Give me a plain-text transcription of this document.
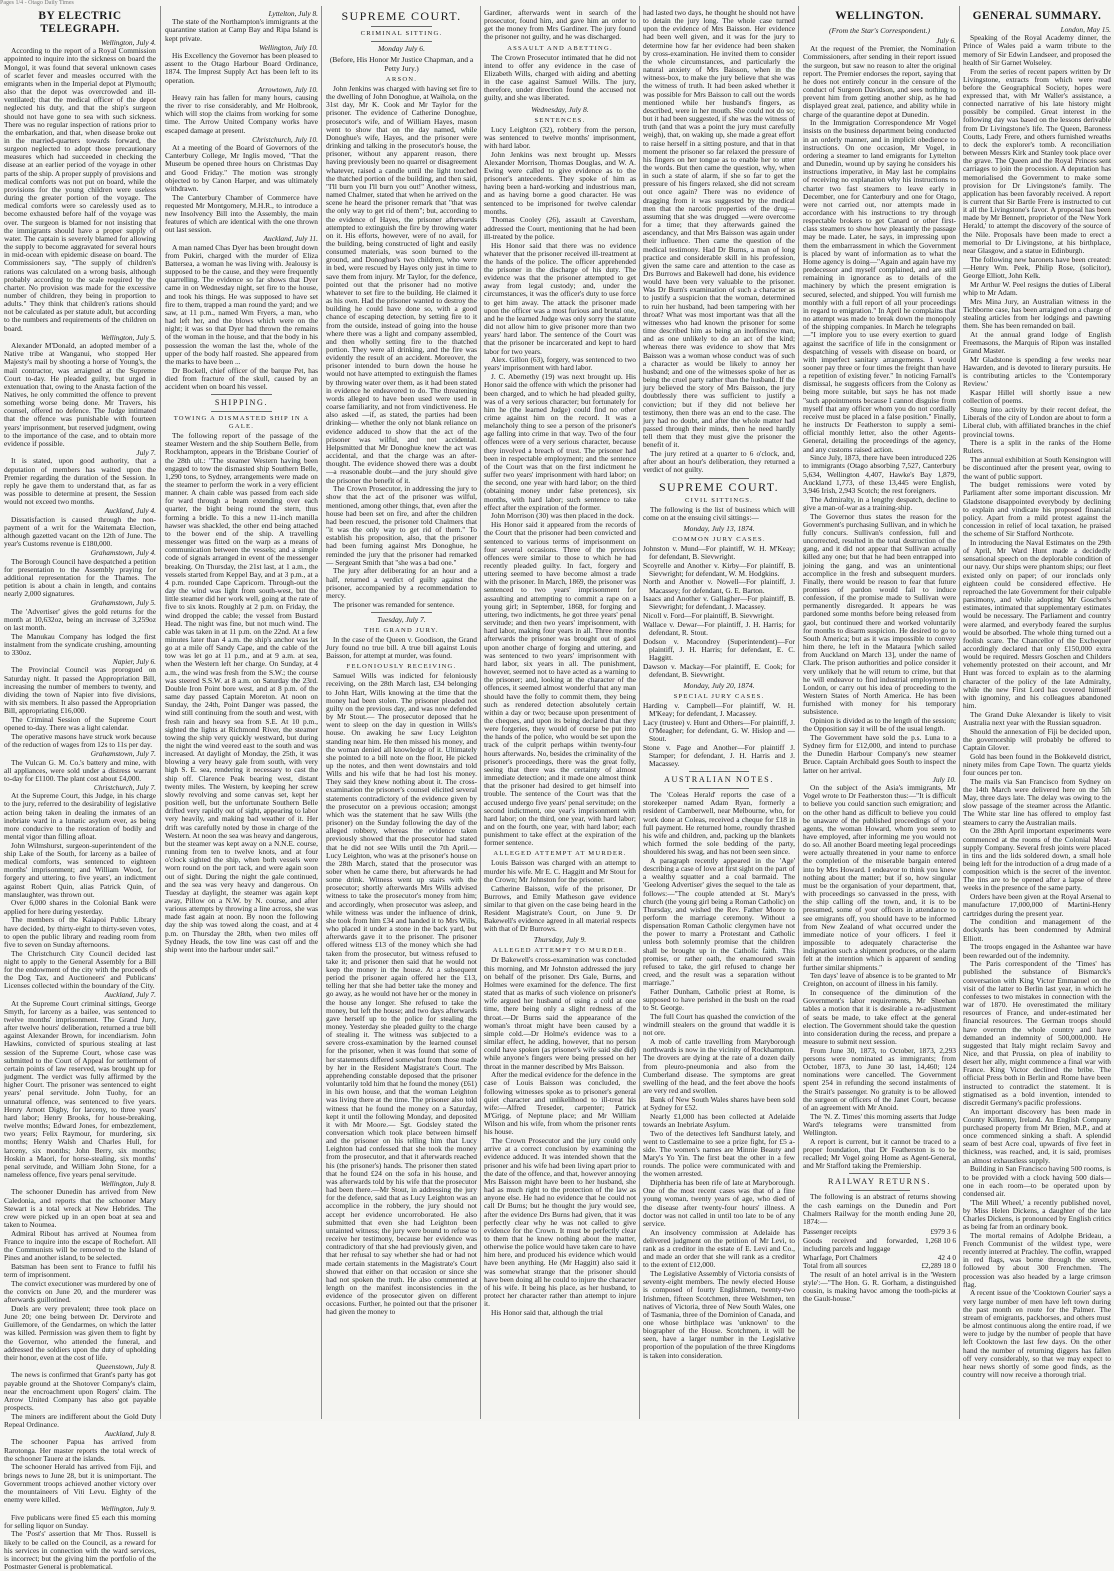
Pages 1/4 - Otago Daily Times
BY ELECTRIC TELEGRAPH.
Wellington, July 4.

According to the report of a Royal Commission appointed to inquire into the sickness on board the Mongol, it was found that several unknown cases of scarlet fever and measles occurred with the emigrants when in the Imperial depot at Plymouth; also that the depot was overcrowded and ill-ventilated; that the medical officer of the depot neglected his duty, and that the ship's surgeon should not have gone to sea with such sickness. There was no regular inspection of rations prior to the embarkation, and that, when disease broke out in the married-quarters towards forward, the surgeon neglected to adopt those precautionary measures which had succeeded in checking the disease at an earlier period of the voyage in other parts of the ship. A proper supply of provisions and medical comforts was not put on board, while the provisions for the young children were useless during the greater portion of the voyage. The medical comforts were so carelessly used as to become exhausted before half of the voyage was over. The surgeon is blamed for not insisting that the immigrants should have a proper supply of water. The captain is severely blamed for allowing the supply to become aggravated for several hours in mid-ocean with epidemic disease on board. The Commissioners say, "The supply of children's rations was calculated on a wrong basis, although probably according to the scale required by the charter. No provision was made for the excessive number of children, they being in proportion to adults." They think that children's rations should not be calculated as per statute adult, but according to the numbers and requirements of the children on board.

Wellington, July 5.

Alexander M'Donald, an adopted member of a Native tribe at Wanganui, who stopped Her Majesty's mail by shooting a horse of Young's, the mail contractor, was arraigned at the Supreme Court to-day. He pleaded guilty, but urged in extenuation that, owing to the Anasta faction of the Natives, he only committed the offence to prevent something worse being done. Mr Travers, his counsel, offered no defence. The Judge intimated that the offence was punishable with fourteen years' imprisonment, but reserved judgment, owing to the importance of the case, and to obtain more evidence if possible.

July 7.

It is stated, upon good authority, that a deputation of members has waited upon the Premier regarding the duration of the Session. In reply he gave them to understand that, as far as was possible to determine at present, the Session would not exceed two months.

Auckland, July 4.

Dissatisfaction is caused through the non-payment of a writ for the Waitemata Election, although gazetted vacant on the 12th of June. The year's Customs revenue is £180,000.

Grahamstown, July 4.

The Borough Council have despatched a petition for presentation to the Assembly praying for additional representation for the Thames. The petition is about a chain in length, and contains nearly 2,000 signatures.

Grahamstown, July 5.

The 'Advertiser' gives the gold returns for the month at 10,632oz, being an increase of 3,259oz on last month.

The Manukau Company has lodged the first instalment from the syndicate crushing, amounting to 330oz.

Napier, July 6.

The Provincial Council was prorogued on Saturday night. It passed the Appropriation Bill, increasing the number of members to twenty, and dividing the town of Napier into five divisions, with six members. It also passed the Appropriation Bill, appropriating £16,000.

The Criminal Session of the Supreme Court opened to-day. There was a light calendar.

The operative masons have struck work because of the reduction of wages from 12s to 11s per day.

Grahamstown, July 7.

The Vulcan G. M. Co.'s battery and mine, with all appliances, were sold under a distress warrant to-day for £1100. The plant cost about £4,000.

Christchurch, July 7.

At the Supreme Court, this Judge, in his charge to the jury, referred to the desirability of legislative action being taken in dealing the inmates of an inebriate ward in a lunatic asylum ever, as being more conducive to the restoration of bodily and mental vigor than filling afloat.

John Wilmshurst, surgeon-superintendent of the ship Lake of the South, for larceny as a bailee of medical comforts, was sentenced to eighteen months' imprisonment; and William Wood, for forgery and uttering, to five years', an indictment against Robert Quin, alias Patrick Quin, of manslaughter, was thrown out.

Over 6,000 shares in the Colonial Bank were applied for here during yesterday.

The members of the Kaiapoi Public Library have decided, by thirty-eight to thirty-seven votes, to open the public library and reading room from five to seven on Sunday afternoons.

The Christchurch City Council decided last night to apply to the General Assembly for a Bill for the endowment of the city with the proceeds of the Dog Tax, and Auctioneers' and Publicans' Licenses collected within the boundary of the City.

Auckland, July 7.

At the Supreme Court criminal sittings, George Smyth, for larceny as a bailee, was sentenced to twelve months' imprisonment. The Grand Jury, after twelve hours' deliberation, returned a true bill against Alexander Brown, for incendiarism. John Hawkins, convicted of spurious stealing at last session of the Supreme Court, whose case was submitted to the Court of Appeal for settlement of certain points of law reserved, was brought up for judgment. The verdict was fully affirmed by the higher Court. The prisoner was sentenced to eight years' penal servitude. John Tuohy, for an unnatural offence, was sentenced to five years. Henry Arnott Digby, for larceny, to three years' hard labor; Henry Brooks, for house-breaking, twelve months; Edward Jones, for embezzlement, two years; Felix Raymour, for murdering, six months; Henry Walsh and Charles Hull, for larceny, six months; John Berry, six months; Hoskin a Maori, for horse-stealing, six months' penal servitude, and William John Stone, for a nameless offence, five years penal servitude.

Wellington, July 8.

The schooner Dunedin has arrived from New Caledonia, and reports that the schooner Mary Stewart is a total wreck at New Hebrides. The crew were picked up in an open boat at sea and taken to Noumea.

Admiral Ribout has arrived at Noumea from France to inquire into the escape of Rochefort. All the Communists will be removed to the Island of Pines and another island, to be selected.

Batsman has been sent to France to fulfil his term of imprisonment.

The convict executioner was murdered by one of the convicts on June 20, and the murderer was afterwards guillotined.

Duels are very prevalent; three took place on June 20; one being between Dr. Dervirote and Guillemore, of the Gendarmes, on which the latter was killed. Permission was given them to fight by the Governor, who attended the funeral, and addressed the soldiers upon the duty of upholding their honor, even at the cost of life.

Queenstown, July 8.

The news is confirmed that Grant's party has got payable ground at the Shotover Company's claim, near the encroachment upon Rogers' claim. The Arrow United Company has also got payable prospects.

The miners are indifferent about the Gold Duty Repeal Ordinance.

Auckland, July 8.

The schooner Papua has arrived from Rarotonga. Her master reports the total wreck of the schooner Tauere at the islands.

The schooner Herald has arrived from Fiji, and brings news to June 28, but it is unimportant. The Government troops achieved another victory over the mountaineers of Viti Levu. Eighty of the enemy were killed.

Wellington, July 9.

Five publicans were fined £5 each this morning for selling liquor on Sunday.

The 'Post's' assertion that Mr Thos. Russell is likely to be called on the Council, as a reward for his services in connection with the ward services, is incorrect; but the giving him the portfolio of the Postmaster General is problematical.

Lyttelton, July 8.

The state of the Northampton's immigrants at the quarantine station at Camp Bay and Ripa Island is kept private.

Wellington, July 10.

His Excellency the Governor has been pleased to assent to the Otago Harbour Board Ordinance, 1874. The Imprest Supply Act has been left to its operation.

Arrowtown, July 10.

Heavy rain has fallen for many hours, causing the river to rise considerably, and Mr Holbrook, which will stop the claims from working for some time. The Arrow United Company works have escaped damage at present.

Christchurch, July 10.

At a meeting of the Board of Governors of the Canterbury College, Mr Inglis moved, "That the Museum be opened three hours on Christmas Day and Good Friday." The motion was strongly objected to by Canon Harper, and was ultimately withdrawn.

The Canterbury Chamber of Commerce have requested Mr Montgomery, M.H.R., to introduce a new Insolvency Bill into the Assembly, the main features of which are identical with the one thrown out last session.

Auckland, July 11.

A man named Chas Dyer has been brought down from Pukiri, charged with the murder of Eliza Battersea, a woman he was living with. Jealousy is supposed to be the cause, and they were frequently quarrelling. The evidence so far shows that Dyer came in on Wednesday night, set fire to the house, and took his things. He was supposed to have set fire to them, trapped a man round the yard; and we saw, at 11 p.m., named Wm Fryers, a man, who had left her, and the blows which were on the night; it was so that Dyer had thrown the remains of the woman in the house, and that the body in his possession the woman the last the, whole of the upper of the body half roasted. She appeared from the marks to have been ...

Dr Bockell, chief officer of the barque Pet, has died from fracture of the skull, caused by an accident when on board his vessel.

SHIPPING.
TOWING A DISMASTED SHIP IN A GALE.

The following report of the passage of the steamer Western and the ship Southern Belle, from Rockhampton, appears in the 'Brisbane Courier' of the 28th ult.: "The steamer Western having been engaged to tow the dismasted ship Southern Belle, 1,290 tons, to Sydney, arrangements were made on the steamer to perform the work in a very efficient manner. A chain cable was passed from each side for ward through a beam extending over each quarter, the bight being round the stern, thus forming a bridle. To this a new 11-inch manilla hawser was shackled, the other end being attached to the bower end of the ship. A travelling messenger was fitted on the warp as a means of communication between the vessels; and a simple code of signals arranged in event of the messenger breaking. On Thursday, the 21st last, at 1 a.m., the vessels started from Keppel Bay, and at 3 p.m., at a 4 p.m. rounded Cape Capricorn. Through-out the day the wind was light from south-west, but the little steamer did her work well, going at the rate of five to six knots. Roughly at 2 p.m. on Friday, the wind dropped the cable; the vessel from Bustard Head. The night was fine, but not much wind. The cable was taken in at 11 p.m. on the 22nd. At a few minutes later than 4 a.m. the ship's anchor was let go at a mile off Sandy Cape, and the cable of the tow was let go at 11 p.m., and at 9 a.m. at sea, when the Western left her charge. On Sunday, at 4 a.m., the wind was fresh from the S.W.; the course was steered S.S.W. at 8 a.m. on Saturday the 23rd. Double Iron Point bore west, and at 8 p.m. of the same day passed Captain Moreton. At noon on Sunday, the 24th, Point Danger was passed, the wind still continuing from the south and west, with fresh rain and heavy sea from S.E. At 10 p.m., sighted the lights at Richmond River, the steamer towing the ship very quickly westward, but during the night the wind veered east to the south and was increased. At daylight of Monday, the 25th, it was blowing a very heavy gale from south, with very high S. E. sea, rendering it necessary to cast the ship off. Clarence Peak bearing west, distant twenty miles. The Western, by keeping her screw slowly revolving and some canvas set, kept her position well, but the unfortunate Southern Belle drifted very rapidly out of sight, appearing to labor very heavily, and making bad weather of it. Her drift was carefully noted by those in charge of the Western. At noon the sea was heavy and dangerous, but the steamer was kept away on a N.N.E. course, running from ten to twelve knots, and at four o'clock sighted the ship, when both vessels were worn round on the port tack, and were again soon out of sight. During the night the gale continued, and the sea was very heavy and dangerous. On Tuesday at daylight, the steamer was again kept away, Pillow on a N.W. by N. course, and after various attempts by throwing a line across, she was made fast again at noon. By noon the following day the ship was towed along the coast, and at 4 p.m. on Thursday the 28th, when two miles off Sydney Heads, the tow line was cast off and the ship went into the harbour under sail."

SUPREME COURT.
CRIMINAL SITTING.
Monday July 6.
(Before, His Honor Mr Justice Chapman, and a Petty Jury.)
ARSON.

John Jenkins was charged with having set fire to the dwelling of John Donoghue, at Waihola, on the 31st day, Mr K. Cook and Mr Taylor for the prisoner. The evidence of Catherine Donoghue, prosecutor's wife, and of William Hayes, mason went to show that on the day named, while Donoghue's wife, Hayes, and the prisoner were drinking and talking in the prosecutor's house, the prisoner, without any apparent reason, there having previously been no quarrel or disagreement whatever, raised a candle until the light touched the thatched portion of the building, and then said, "I'll burn you I'll burn you out!" Another witness, named Chalmer, stated that when he arrived on the scene he heard the prisoner remark that "that was the only way to get rid of them"; but, according to the evidence of Hayes, the prisoner afterwards attempted to extinguish the fire by throwing water on it. His efforts, however, were of no avail, for the building, being constructed of light and easily consumed materials, was soon burned to the ground, and Donoghue's two children, who were in bed, were rescued by Hayes only just in time to save them from injury. Mr Taylor, for the defence, pointed out that the prisoner had no motive whatever to set fire to the building. He claimed it as his own. Had the prisoner wanted to destroy the building he could have done so, with a good chance of escaping detection, by setting fire to it from the outside, instead of going into the house where there was a light and company assembled, and then wholly setting fire to the thatched portion. They were all drinking, and the fire was evidently the result of an accident. Moreover, the prisoner intended to burn down the house he would not have attempted to extinguish the flames by throwing water over them, as it had been stated in evidence he endeavored to do. The threatening words alleged to have been used were used in coarse familiarity, and not from vindictiveness. He also asked —if, as stated, the parties had been drinking— whether the only not blank reliance on evidence adduced to show that the act of the prisoner was wilful, and not accidental. Helpsmitted that Mr Donoghue knew the act was accidental, and that the charge was an after-thought. The evidence showed there was a doubt—a reasonable doubt—and the jury should give the prisoner the benefit of it.

The Crown Prosecutor, in addressing the jury to show that the act of the prisoner was wilful, mentioned, among other things, that, even after the house had been set on fire, and after the children had been rescued, the prisoner told Chalmers that "it was the only way to get rid of them." To establish his proposition, also, that the prisoner had been fuming against Mrs Donoghue, he reminded the jury that the prisoner had remarked — Sergeant Smith that "she was a bad one."

The jury after deliberating for an hour and a half, returned a verdict of guilty against the prisoner, accompanied by a recommendation to mercy.

The prisoner was remanded for sentence.

Tuesday, July 7.
THE GRAND JURY.

In the case of the Queen v. Goodison, the Grand Jury found no true bill. A true bill against Louis Baisson, for attempt at murder, was found.

FELONIOUSLY RECEIVING.

Samuel Wills was indicted for feloniously receiving, on the 28th March last, £34 belonging to John Hart, Wills knowing at the time that the money had been stolen. The prisoner pleaded not guilty on the previous day, and was now defended by Mr Stout.— The prosecutor deposed that he went to sleep on the day in question in Wills's house. On awaking he saw Lucy Leighton standing near him. He then missed his money, and the woman denied all knowledge of it. Ultimately she pointed to a bill note on the floor, He picked up the notes, and then went downstairs and told Wills and his wife that he had lost his money. They said they knew nothing about it. The cross-examination the prisoner's counsel elicited several statements contradictory of the evidence given by the prosecutor on a previous occasion; amongst which was the statement that he saw Wills (the prisoner) on the Sunday following the day of the alleged robbery, whereas the evidence taken previously showed that the prosecutor had stated that he did not see Wills until the 7th April.— Lucy Leighton, who was at the prisoner's house on the 28th March, stated that the prosecutor was sober when he came there, but afterwards he had some drink. Witness went up stairs with the prosecutor; shortly afterwards Mrs Wills advised witness to take the prosecutor's money from him; and accordingly, when prosecutor was asleep, and while witness was under the influence of drink, she took from him £34 and handed it to Mrs Wills, who placed it under a stone in the back yard, but afterwards gave it to the prisoner. The prisoner offered witness £13 of the money which she had taken from the prosecutor, but witness refused to take it; and prisoner then said that he would not keep the money in the house. At a subsequent period the prisoner again offered her the £13, telling her that she had better take the money and go away, as he would not have her or the money in the house any longer. She refused to take the money, but left the house; and two days afterwards gave herself up to the police for stealing the money. Yesterday she pleaded guilty to the charge of stealing it. The witness was subjected to a severe cross-examination by the learned counsel for the prisoner, when it was found that some of her statements differed somewhat from those made by her in the Resident Magistrate's Court. The apprehending constable deposed that the prisoner voluntarily told him that he found the money (£61) in his own house, and that the woman Leighton was living there at the time. The prisoner also told witness that he found the money on a Saturday, kept it until the following Monday, and deposited it with Mr Moore.— Sgt. Godsley stated the conversation which took place between himself and the prisoner on his telling him that Lucy Leighton had confessed that she took the money from the prosecutor, and that it afterwards reached his (the prisoner's) hands. The prisoner then stated that he found £24 on the sofa in his house, and was afterwards told by his wife that the prosecutor had been there.—Mr Stout, in addressing the jury for the defence, said that as Lucy Leighton was an accomplice in the robbery, the jury should not accept her evidence uncorroborated. He also submitted that even she had Leighton been untainted witness; the jury were bound to refuse to receive her testimony, because her evidence was contradictory of that she had previously given, and that her refusal to say whether she had or had not made certain statements in the Magistrate's Court showed that either on that occasion or since she had not spoken the truth. He also commented at length on the manifest inconsistencies in the evidence of the prosecutor given on different occasions. Further, he pointed out that the prisoner had given the money to

Gardiner, afterwards went in search of the prosecutor, found him, and gave him an order to get the money from Mrs Gardiner. The jury found the prisoner not guilty, and he was discharged.

ASSAULT AND ABETTING.

The Crown Prosecutor intimated that he did not intend to offer any evidence in the case of Elizabeth Wills, charged with aiding and abetting in the case against Samuel Wills. The jury, therefore, under direction found the accused not guilty, and she was liberated.

Wednesday, July 8.
SENTENCES.

Lucy Leighton (32), robbery from the person, was sentenced to twelve months' imprisonment, with hard labor.

John Jenkins was next brought up. Messrs Alexander Morrison, Thomas Douglas, and W. A. Ewing were called to give evidence as to the prisoner's antecedents. They spoke of him as having been a hard-working and industrious man, and as having borne a good character. He was sentenced to be imprisoned for twelve calendar months.

Thomas Cooley (26), assault at Caversham, addressed the Court, mentioning that he had been ill-treated by the police.

His Honor said that there was no evidence whatever that the prisoner received ill-treatment at the hands of the police. The officer apprehended the prisoner in the discharge of his duty. The evidence was that the prisoner attempted to get away from legal custody; and, under the circumstances, it was the officer's duty to use force to get him away. The attack the prisoner made upon the officer was a most furious and brutal one, and he the learned Judge was only sorry the statute did not allow him to give prisoner more than two years' hard labor. The sentence of the Court was that the prisoner be incarcerated and kept to hard labor for two years.

Alex. Gillon (63), forgery, was sentenced to two years' imprisonment with hard labor.

J. C. Abernethy (19) was next brought up. His Honor said the offence with which the prisoner had been charged, and to which he had pleaded guilty, was of a very serious character; but fortunately for him he (the learned Judge) could find no other crime against him on the record. It was a melancholy thing to see a person of the prisoner's age falling into crime in that way. Two of the four offences were of a very serious character, because they involved a breach of trust. The prisoner had been in respectable employment; and the sentence of the Court was that on the first indictment he suffer two years' imprisonment with hard labor; on the second, one year with hard labor; on the third (obtaining money under false pretences), six months, with hard labor; such sentence to take effect after the expiration of the former.

John Morrison (30) was then placed in the dock.

His Honor said it appeared from the records of the Court that the prisoner had been convicted and sentenced to various terms of imprisonment on four several occasions. Three of the previous offences were similar to those to which he had recently pleaded guilty. In fact, forgery and uttering seemed to have become almost a trade with the prisoner. In March, 1869, the prisoner was sentenced to two years' imprisonment for assaulting and attempting to commit a rape on a young girl; in September, 1868, for forging and uttering, two indictments, he got three years' penal servitude; and then two years' imprisonment, with hard labor, making four years in all. Three months afterwards the prisoner was brought out of gaol upon another charge of forging and uttering, and was sentenced to two years' imprisonment with hard labor, six years in all. The punishment, however, seemed not to have acted as a warning to the prisoner; and, looking at the character of the offences, it seemed almost wonderful that any man should have the folly to commit them, they being such as rendered detection absolutely certain within a day or two; because upon presentment of the cheques, and upon its being declared that they were forgeries, they would of course be put into the hands of the police, who would be set upon the track of the culprit perhaps within twenty-four hours afterwards. No, besides the criminality of the prisoner's proceedings, there was the great folly, seeing that there was the certainty of almost immediate detection; and it made one almost think that the prisoner had desired to get himself into trouble. The sentence of the Court was that the accused undergo five years' penal servitude; on the second indictment, one year's imprisonment with hard labor; on the third, one year, with hard labor; and on the fourth, one year, with hard labor; each punishment to take effect at the expiration of the former sentence.

ALLEGED ATTEMPT AT MURDER.

Louis Baisson was charged with an attempt to murder his wife. Mr E. C. Haggitt and Mr Stout for the Crown; Mr Johnston for the prisoner.

Catherine Baisson, wife of the prisoner, Dr Burrows, and Emily Matheson gave evidence similar to that given on the case being heard in the Resident Magistrate's Court, on June 9. Dr Bakewell's evidence agreed in all material respects with that of Dr Burrows.

Thursday, July 9.
ALLEGED ATTEMPT TO MURDER.

Dr Bakewell's cross-examination was concluded this morning, and Mr Johnston addressed the jury on behalf of the prisoner. Drs Gale, Burns, and Holmes were examined for the defence. The first stated that as marks of such violence on prisoner's wife argued her husband of using a cold at one time, there being only a slight redness of the throat.—Dr Burns said the appearance of the woman's throat might have been caused by a simple cold.—Dr Holme's evidence was to a similar effect, he adding, however, that no person could have spoken (as prisoner's wife said she did) while anyone's fingers were being pressed on her throat in the manner described by Mrs Baisson.

After the medical evidence for the defence in the case of Louis Baisson was concluded, the following witnesses spoke as to prisoner's general quiet character and unlikelihood to ill-treat his wife:—Alfred Treseder, carpenter; Patrick M'Grigg, of Neptune place; and Mr William Wilson and his wife, from whom the prisoner rents his house.

The Crown Prosecutor and the jury could only arrive at a correct conclusion by examining the evidence adduced. It was intended shown that the prisoner and his wife had been living apart prior to the date of the offence, and that, however annoying Mrs Baisson might have been to her husband, she had as much right to the protection of the law as anyone else. He had no evidence that he could not call Dr Burns; but he thought the jury would see, after the evidence Drs Burns had given, that it was perfectly clear why he was not called to give evidence for the Crown. It must be perfectly clear to them that he knew nothing about the matter, otherwise the police would have taken care to have him here, and produced his evidence which would have been anything. He (Mr Haggitt) also said it was somewhat strange that the prisoner should have been doing all he could to injure the character of his wife. It being his place, as her husband, to protect her character rather than attempt to injure it.

His Honor said that, although the trial

had lasted two days, he thought he should not have to detain the jury long. The whole case turned upon the evidence of Mrs Baisson. Her evidence had been well given, and it was for the jury to determine how far her evidence had been shaken by cross-examination. He invited them to consider the whole circumstances, and particularly the natural anxiety of Mrs Baisson, when in the witness-box, to make the jury believe that she was the witness of truth. It had been asked whether it was possible for Mrs Baisson to call out the words mentioned while her husband's fingers, as described, were in her mouth. She could not do so; but it had been suggested, if she was the witness of truth (and that was a point the jury must carefully weigh), that, on waking up, she made a great effort to raise herself in a sitting posture, and that in that moment the prisoner so far relaxed the pressure of his fingers on her tongue as to enable her to utter the words. But then came the question, why, when in such a state of alarm, if she so far to get the pressure of his fingers relaxed, she did not scream out once again? There was no evidence of dragging from it was suggested by the medical men that the narcotic properties of the drug—assuming that she was drugged —were overcome for a time; that they afterwards gained the ascendancy, and that Mrs Baisson was again under their influence. Then came the question of the medical testimony. Had Dr Burns, a man of long practice and considerable skill in his profession, given the same care and attention to the case as Drs Burrows and Bakewell had done, his evidence would have been very valuable to the prisoner. Was Dr Burn's examination of such a character as to justify a suspicion that the woman, determined to ruin her husband, had been tampering with her throat? What was most important was that all the witnesses who had known the prisoner for some time described him as being an inoffensive man, and as one unlikely to do an act of the kind; whereas there was evidence to show that Mrs Baisson was a woman whose conduct was of such a character as would be likely to annoy her husband; and one of the witnesses spoke of her as being the cruel party rather than the husband. If the jury believed the story of Mrs Baisson, the jury doubtlessly there was sufficient to justify a conviction; but if they did not believe her testimony, then there was an end to the case. The jury had no doubt, and after the whole matter had passed through their minds, then he need hardly tell them that they must give the prisoner the benefit of it.

The jury retired at a quarter to 6 o'clock, and, after about an hour's deliberation, they returned a verdict of not guilty.

SUPREME COURT.
CIVIL SITTINGS.

The following is the list of business which will come on at the ensuing civil sittings:—

Monday, July 13, 1874.
COMMON JURY CASES.
Johnston v. Mund—For plaintiff, W. H. M'Keay; for defendant, B. Sievwright.
Scoyrelle and Another v. Kirby—For plaintiff, B. Sievwright; for defendant, W. M. Hodgkins.
North and Another v. Nowell—For plaintiff, J. Macassey; for defendant, G. E. Barton.
Isaacs and Another v. Gallagher—For plaintiff, B. Sievwright; for defendant, J. Macassey.
Nicoll v. Ford—For plaintiff, B. Sievwright.
Wallace v. Dewar—For plaintiff, J. H. Harris; for defendant, R. Stout.
Dodson v. Macondrey (Superintendent)—For plaintiff, J. H. Harris; for defendant, E. C. Haggitt.
Dawson v. Mackay—For plaintiff, E. Cook; for defendant, B. Sievwright.
Monday, July 20, 1874.
SPECIAL JURY CASES.
Harding v. Campbell—For plaintiff, W. H. M'Keay; for defendant, J. Macassey.
Lacy (trustee) v. Hunt and Others—For plaintiff, J. O'Meagher; for defendant, G. W. Hislop and — Stout.
Stone v. Page and Another—For plaintiff J. Stamper; for defendant, J. H. Harris and J. Macassey.
AUSTRALIAN NOTES.

The 'Coleas Herald' reports the case of a storekeeper named Adam Ryan, formerly a resident of Camberwell, near Melbourne, who, for work done at Coleas, received a cheque for £18 in full payment. He returned home, roundly thrashed his wife and children, and, packing up the blankets which formed the sole bedding of the party, shouldered his swag, and has not been seen since.

A paragraph recently appeared in the 'Age' describing a case of love at first sight on the part of a wealthy squatter and a coal barmaid. The 'Geelong Advertiser' gives the sequel to the tale as follows:—"The couple attended at St. Mary's church (the young girl being a Roman Catholic) on Thursday, and wished the Rev. Father Moore to perform the marriage ceremony. Without a dispensation Roman Catholic clergymen have not the power to marry a Protestant and Catholic unless both solemnly promise that the children shall be brought up in the Catholic faith. This promise, or rather oath, the enamoured swain refused to take, the girl refused to change her creed, and the result was a separation without marriage."

Father Dunham, Catholic priest at Rome, is supposed to have perished in the bush on the road to St. George.

The full Court has quashed the conviction of the windmill stealers on the ground that waddle it is not ore.

A mob of cattle travelling from Maryborough northwards is now in the vicinity of Rockhampton. The drovers are dying at the rate of a dozen daily from pleuro-pneumonia and also from the Cumberland disease. The symptoms are great swelling of the head, and the feet above the hoofs are very red and swollen.

Bank of New South Wales shares have been sold at Sydney for £52.

Nearly £1,000 has been collected at Adelaide towards an Inebriate Asylum.

Two of the detectives left Sandhurst lately, and went to Castlemaine to see a prize fight, for £5 a-side. The women's names are Minnie Beauty and Mary's Yo Yin. The first beat the other in a few rounds. The police were communicated with and the women arrested.

Diphtheria has been rife of late at Maryborough. One of the most recent cases was that of a fine young woman, twenty years of age, who died of the disease after twenty-four hours' illness. A doctor was not called in until too late to be of any service.

An insolvency commission at Adelaide has delivered judgment on the petition of Mr Levi, to rank as a creditor in the estate of E. Levi and Co., and made an order that she will rank as a creditor to the extent of £12,000.

The Legislative Assembly of Victoria consists of seventy-eight members. The newly elected House is composed of fourty Englishmen, twenty-two Irishmen, fifteen Scotchmen, three Welshmen, ten natives of Victoria, three of New South Wales, one of Tasmania, three of the Dominion of Canada, and one whose birthplace was 'unknown' to the biographer of the House. Scotchmen, it will be seen, have a larger number in the Legislative proportion of the population of the three Kingdoms is taken into consideration.

WELLINGTON.
(From the Star's Correspondent.)
July 6.

At the request of the Premier, the Nomination Commissioners, after sending in their report issued the surgeon, but saw no reason to alter the original report. The Premier endorses the report, saying that he does not entirely concur in the censure of the conduct of Surgeon Davidson, and sees nothing to prevent him from getting another ship, as he had displayed great zeal, patience, and ability while in charge of the quarantine depot at Dunedin.

In the Immigration Correspondence Mr Vogel insists on the business department being conducted in an orderly manner, and in implicit obedience to instructions. On one occasion, Mr Vogel, in ordering a steamer to land emigrants for Lyttelton and Dunedin, wound up by saying he considers his instructions imperative, in May last he complains of receiving no explanation why his instructions to charter two fast steamers to leave early in December, one for Canterbury and one for Otago, were not carried out, nor attempts made in accordance with his instructions to try through respectable brokers to get Canard or other first-class steamers to show how pleasantly the passage may be made. Later, he says, in impressing upon them the embarrassment in which the Government is placed by want of information as to what the Home agency is doing—"Again and again have my predecessor and myself complained, and are still remaining in ignorance as to details of the machinery by which the present emigration is secured, selected, and shipped. You will furnish me monthly with a full report of all your proceedings in regard to emigration." In April he complains that no attempt was made to break down the monopoly of the shipping companies. In March he telegraphs—"I implore you to use every exertion to guard against the sacrifice of life in the consignment or despatching of vessels with disease on board, or with imperfect sanitary arrangements. I would sooner pay three or four times the freight than have a repetition of existing fever." In noticing Farnall's dismissal, he suggests officers from the Colony as being more suitable, but says he has not made "such appointments because I cannot disguise from myself that any officer whom you do not cordially receive must be placed in a false position." Finally, he instructs Dr Featherston to supply a semi-official monthly letter, also the other Agents-General, detailing the proceedings of the agency, and any customs raised action.

Since July, 1873, there have been introduced 226 to immigrants (Otago absorbing 7,527, Canterbury 5,634, Wellington 4,407, Hawke's Bay 1,879, Auckland 1,773, of these 13,445 were English, 3,946 Irish, 2,943 Scotch; the rest foreigners.

The Admiralty, in a lengthy despatch, decline to give a man-of-war as a training-ship.

The Governor thus states the reason for the Government's purchasing Sullivan, and in which he fully concurs. Sullivan's confession, full and uncorrected, resulted in the total destruction of the gang, and it did not appear that Sullivan actually killed any one; but that he had been entrapped into joining the gang, and was an unintentional accomplice in the fresh and subsequent murders. Finally, there would be reason to fear that future promises of pardon would fail to induce confession, if the promise made to Sullivan were permanently disregarded. It appears he was pardoned some months before being released from gaol, but continued there and worked voluntarily for months to disarm suspicion. He desired to go to South America; but as it was impossible to convey him there, he left in the Mataura [which sailed from Auckland on March 13], under the name of Clark. The prison authorities and police consider it very unlikely that he will return to crime, but that he will endeavor to find industrial employment in London, or carry out his idea of proceeding to the Western States of North America. He has been furnished with money for his temporary subsistence.

Opinion is divided as to the length of the session; the Opposition say it will be of the usual length.

The Government have sold the p.s. Luna to a Sydney firm for £12,000, and intend to purchase the Dunedin Harbour Company's new steamer Bruce. Captain Archibald goes South to inspect the latter on her arrival.

July 10.

On the subject of the Asia's immigrants, Mr Vogel wrote to Dr Featherston thus:—"It is difficult to believe you could sanction such emigration; and on the other hand as difficult to believe you could be unaware of the published proceedings of your agents, the woman Howard, whom you seem to have employed, after informing me you would not do so. All another Board meeting legal proceedings were actually threatened in your name to enforce the completion of the miserable bargain entered into by Mrs Howard. I endeavor to think you knew nothing about the matter; but if so, how singular must be the organisation of your department, that, with proceedings so canvassed in the press, with the ship calling off the town, and, it is to be presumed, some of your officers in attendance to see emigrants off, you should have to be informed from New Zealand of what occurred under the immediate notice of your officers. I feel it impossible to adequately characterise the indignation such a shipment produces, or the alarm felt at the intention which is apparent of sending further similar shipments."

Ten days' leave of absence is to be granted to Mr Creighton, on account of illness in his family.

In consequence of the diminution of the Government's labor requirements, Mr Sheehan tables a motion that it is desirable a re-adjustment of seats be made, to take effect at the general election. The Government should take the question into consideration during the recess, and prepare a measure to submit next session.

From June 30, 1873, to October, 1873, 2,293 persons were nominated as immigrants; from October, 1873, to June 30 last, 14,460; 124 nominations were cancelled. The Government spent 254 in refunding the second instalments of the Strait's passenger. No gratuity is to be allowed the surgeon or officers of the Janet Court, because of an agreement with Mr Anoid.

The 'N. Z. Times' this morning asserts that Judge Ward's telegrams were transmitted from Wellington.

A report is current, but it cannot be traced to a proper foundation, that Dr Featherston is to be recalled; Mr Vogel going Home as Agent-General, and Mr Stafford taking the Premiership.

RAILWAY RETURNS.

The following is an abstract of returns showing the cash earnings on the Dunedin and Port Chalmers Railway for the month ending June 20, 1874:—

Passenger receipts	£979 3 6
Goods received and forwarded, including parcels and luggage	1,268 10 6
Wharfage, Port Chalmers	42 4 0
Total from all sources	£2,289 18 0

The result of an hotel arrival is in the 'Western style':—"The Hon. G. R. Gorham, a distinguished cousin, is making havoc among the tooth-picks at the Gault-house."

GENERAL SUMMARY.
London, May 15.

Speaking of the Royal Academy dinner, the Prince of Wales paid a warm tribute to the memory of Sir Edwin Landseer, and proposed the health of Sir Garnet Wolseley.

From the series of recent papers written by Dr Livingstone, extracts from which were read before the Geographical Society, hopes were expressed that, with Mr Waller's assistance, a connected narrative of his late history might possibly be compiled. Great interest in the following day was based on the lessons derivable from Dr Livingstone's life. The Queen, Baroness Coutts, Lady Frere, and others furnished wreaths to deck the explorer's tomb. A reconciliation between Messrs Kirk and Stanley took place over the grave. The Queen and the Royal Princes sent carriages to join the procession. A deputation has memorialised the Government to make some provision for Dr Livingstone's family. The application has been favorably received. A report is current that Sir Bartle Frere is instructed to cut it all the Livingstone's favor. A proposal has been made by Mr Bennett, proprietor of the 'New York Herald,' to attempt the discovery of the source of the Nile. Proposals have been made to erect a memorial to Dr Livingstone, at his birthplace, near Glasgow, and a statue in Edinburgh.

The following new baronets have been created:—Henry Wm. Peek, Philip Rose, (solicitor), George Elliott, John Kelk.

Mr Arthur W. Peel resigns the duties of Liberal whip to Mr Adam.

Mrs Mina Jury, an Australian witness in the Tichborne case, has been arraigned on a charge of stealing articles from her lodgings and pawning them. She has been remanded on bail.

At the annual grand lodge of English Freemasons, the Marquis of Ripon was installed Grand Master.

Mr Gladstone is spending a few weeks near Hawarden, and is devoted to literary pursuits. He is contributing articles to the 'Contemporary Review.'

Kaspar Hillel will shortly issue a new collection of poems.

Stung into activity by their recent defeat, the Liberals of the city of London are about to form a Liberal club, with affiliated branches in the chief provincial towns.

There is a split in the ranks of the Home Rulers.

The annual exhibition at South Kensington will be discontinued after the present year, owing to the want of public support.

The budget remissions were voted by Parliament after some important discussion. Mr Gladstone disappointed everybody by declining to explain and vindicate his proposed financial policy. Apart from a mild protest against the concession in relief of local taxation, he praised the scheme of Sir Stafford Northcote.

In introducing the Naval Estimates on the 29th of April, Mr Ward Hunt made a decidedly sensational speech on the deplorable condition of our navy. Our ships were phantom ships; our fleet existed only on paper; of our ironclads only eighteen could be considered effective. He reproached the late Government for their culpable parsimony, and while adopting Mr Goschen's estimates, intimated that supplementary estimates would be necessary. The Parliament and country were alarmed, and everybody feared the surplus would be absorbed. The whole thing turned out a foolish scare. The Chancellor of the Exchequer accordingly declared that only £150,000 extra would be required. Messrs Goschen and Childers vehemently protested on their account, and Mr Hunt was forced to explain as to the alarming character of the policy of the late Admiralty, while the new First Lord has covered himself with ignominy, and his colleagues abandoned him.

The Grand Duke Alexander is likely to visit Australia next year with the Russian squadron.

Should the annexation of Fiji be decided upon, the governorship will probably be offered to Captain Glover.

Gold has been found in the Bokkeveld district, ninety miles from Cape Town. The quartz yields four ounces per ton.

The mails via San Francisco from Sydney on the 14th March were delivered here on the 5th May, three days late. The delay was owing to the slow passage of the steamer across the Atlantic. The White star line has offered to employ fast steamers to carry the Australian mails.

On the 28th April important experiments were commenced at the rooms of the Colonial Meat-supply Company. Several fresh joints were placed in tins and the lids soldered down, a small hole being left for the introduction of a drug made of a composition which is the secret of the inventor. The tins are to be opened after a lapse of three weeks in the presence of the same party.

Orders have been given at the Royal Arsenal to manufacture 17,000,000 of Martini-Henry cartridges during the present year.

The condition and management of the dockyards has been condemned by Admiral Elliott.

The troops engaged in the Ashantee war have been rewarded out of the indemnity.

The Paris correspondent of the 'Times' has published the substance of Bismarck's conversation with King Victor Emmanuel on the visit of the latter to Berlin last year, in which he confesses to two mistakes in connection with the war of 1870. He overestimated the military resources of France, and under-estimated her financial resources. The German troops should have overrun the whole country and have demanded an indemnity of 500,000,000. He suggested that Italy might reclaim Savoy and Nice, and that Prussia, on plea of inability to desert her ally, might commence a final war with France. King Victor declined the bribe. The official Press both in Berlin and Rome have been instructed to contradict the statement. It is stigmatised as a bold invention, intended to discredit Germany's pacific professions.

An important discovery has been made in County Kilkenny, Ireland. An English Company purchased property from Mr Brien, M.P., and at once commenced sinking a shaft. A splendid seam of best Acre coal, upwards of five feet in thickness, was reached, and, it is said, promises an almost exhaustless supply.

Building in San Francisco having 500 rooms, is to be provided with a clock having 500 dials—one in each room—to be operated upon by condensed air.

'The Mill Wheel,' a recently published novel, by Miss Helen Dickens, a daughter of the late Charles Dickens, is pronounced by English critics as being far from an ordinary book.

The mortal remains of Adolphe Brideau, a French Communist of the wildest type, were recently interred at Prachley. The coffin, wrapped in red flags, was borne through the streets, followed by about 300 Frenchmen. The procession was also headed by a large crimson flag.

A recent issue of the 'Cooktown Courier' says a very large number of men have left town during the past month en route for the Palmer. The stream of emigrants, packhorses, and others must be almost continuous along the entire road, if we were to judge by the number of people that have left Cooktown the last few days. On the other hand the number of returning diggers has fallen off very considerably, so that we may expect to hear news shortly of some good finds, as the country will now receive a thorough trial.
